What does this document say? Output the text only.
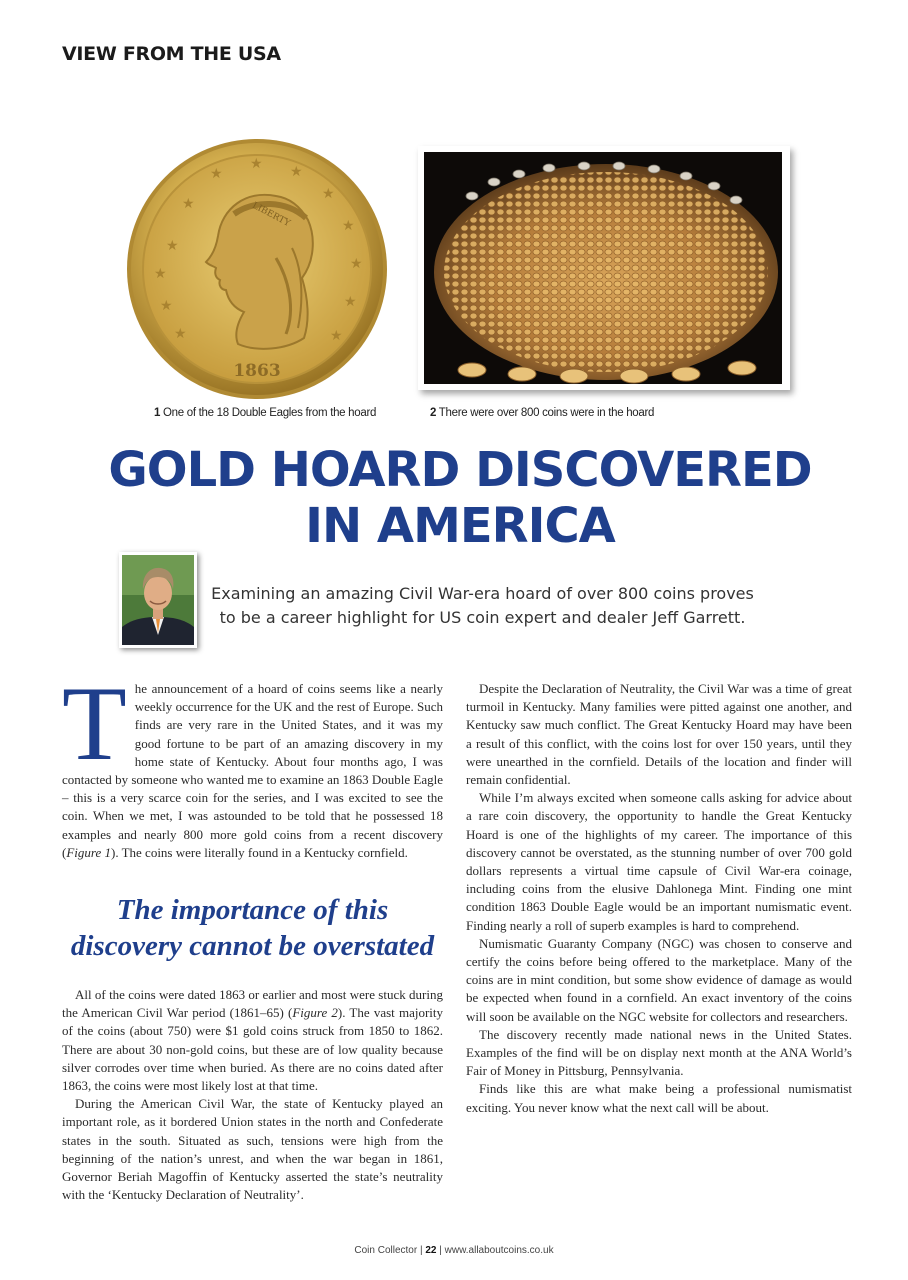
VIEW FROM THE USA
★
★
★
★
★
★
★ ★
★
★
★
★
★
LIBERTY
1863
1 One of the 18 Double Eagles from the hoard	2 There were over 800 coins were in the hoard
GOLD HOARD DISCOVERED
IN AMERICA
Examining an amazing Civil War-era hoard of over 800 coins proves to be a career highlight for US coin expert and dealer Jeff Garrett.

The announcement of a hoard of coins seems like a nearly weekly occurrence for the UK and the rest of Europe. Such finds are very rare in the United States, and it was my good fortune to be part of an amazing discovery in my home state of Kentucky. About four months ago, I was contacted by someone who wanted me to examine an 1863 Double Eagle – this is a very scarce coin for the series, and I was excited to see the coin. When we met, I was astounded to be told that he possessed 18 examples and nearly 800 more gold coins from a recent discovery (Figure 1). The coins were literally found in a Kentucky cornfield.

The importance of this discovery cannot be overstated

All of the coins were dated 1863 or earlier and most were stuck during the American Civil War period (1861–65) (Figure 2). The vast majority of the coins (about 750) were $1 gold coins struck from 1850 to 1862. There are about 30 non-gold coins, but these are of low quality because silver corrodes over time when buried. As there are no coins dated after 1863, the coins were most likely lost at that time.

During the American Civil War, the state of Kentucky played an important role, as it bordered Union states in the north and Confederate states in the south. Situated as such, tensions were high from the beginning of the nation’s unrest, and when the war began in 1861, Governor Beriah Magoffin of Kentucky asserted the state’s neutrality with the ‘Kentucky Declaration of Neutrality’.

Despite the Declaration of Neutrality, the Civil War was a time of great turmoil in Kentucky. Many families were pitted against one another, and Kentucky saw much conflict. The Great Kentucky Hoard may have been a result of this conflict, with the coins lost for over 150 years, until they were unearthed in the cornfield. Details of the location and finder will remain confidential.

While I’m always excited when someone calls asking for advice about a rare coin discovery, the opportunity to handle the Great Kentucky Hoard is one of the highlights of my career. The importance of this discovery cannot be overstated, as the stunning number of over 700 gold dollars represents a virtual time capsule of Civil War-era coinage, including coins from the elusive Dahlonega Mint. Finding one mint condition 1863 Double Eagle would be an important numismatic event. Finding nearly a roll of superb examples is hard to comprehend.

Numismatic Guaranty Company (NGC) was chosen to conserve and certify the coins before being offered to the marketplace. Many of the coins are in mint condition, but some show evidence of damage as would be expected when found in a cornfield. An exact inventory of the coins will soon be available on the NGC website for collectors and researchers.

The discovery recently made national news in the United States. Examples of the find will be on display next month at the ANA World’s Fair of Money in Pittsburg, Pennsylvania.

Finds like this are what make being a professional numismatist exciting. You never know what the next call will be about.

Coin Collector | 22 | www.allaboutcoins.co.uk
